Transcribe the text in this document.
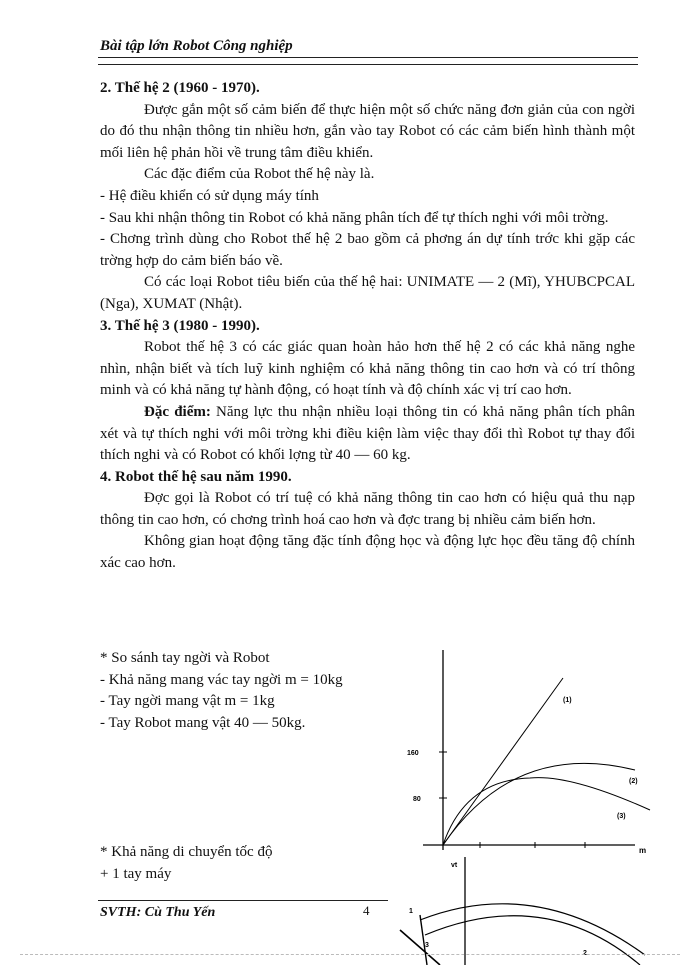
Bài tập lớn Robot Công nghiệp

2. Thế hệ 2 (1960 - 1970).

Được gắn một số cảm biến để thực hiện một số chức năng đơn giản của con ngời do đó thu nhận thông tin nhiều hơn, gắn vào tay Robot có các cảm biến hình thành một mối liên hệ phản hồi về trung tâm điều khiển.

Các đặc điểm của Robot thế hệ này là.

- Hệ điều khiển có sử dụng máy tính

- Sau khi nhận thông tin Robot có khả năng phân tích để tự thích nghi với môi trờng.

- Chơng trình dùng cho Robot thế hệ 2 bao gồm cả phơng án dự tính trớc khi gặp các trờng hợp do cảm biến báo về.

Có các loại Robot tiêu biến của thế hệ hai: UNIMATE — 2 (Mĩ), YHUBCPCAL (Nga), XUMAT (Nhật).

3. Thế hệ 3 (1980 - 1990).

Robot thế hệ 3 có các giác quan hoàn hảo hơn thế hệ 2 có các khả năng nghe nhìn, nhận biết và tích luỹ kinh nghiệm có khả năng thông tin cao hơn và có trí thông minh và có khả năng tự hành động, có hoạt tính và độ chính xác vị trí cao hơn.

Đặc điểm: Năng lực thu nhận nhiều loại thông tin có khả năng phân tích phân xét và tự thích nghi với môi trờng khi điều kiện làm việc thay đổi thì Robot tự thay đổi thích nghi và có Robot có khối lợng từ 40 — 60 kg.

4. Robot thế hệ sau năm 1990.

Đợc gọi là Robot có trí tuệ có khả năng thông tin cao hơn có hiệu quả thu nạp thông tin cao hơn, có chơng trình hoá cao hơn và đợc trang bị nhiều cảm biến hơn.

Không gian hoạt động tăng đặc tính động học và động lực học đều tăng độ chính xác cao hơn.

* So sánh tay ngời và Robot
- Khả năng mang vác tay ngời m = 10kg
- Tay ngời mang vật m = 1kg
- Tay Robot mang vật 40 — 50kg.
160
80
m
(1)
(2)
(3)
* Khả năng di chuyển tốc độ
+ 1 tay máy
vt
1
2
3
SVTH: Cù Thu Yến	4
